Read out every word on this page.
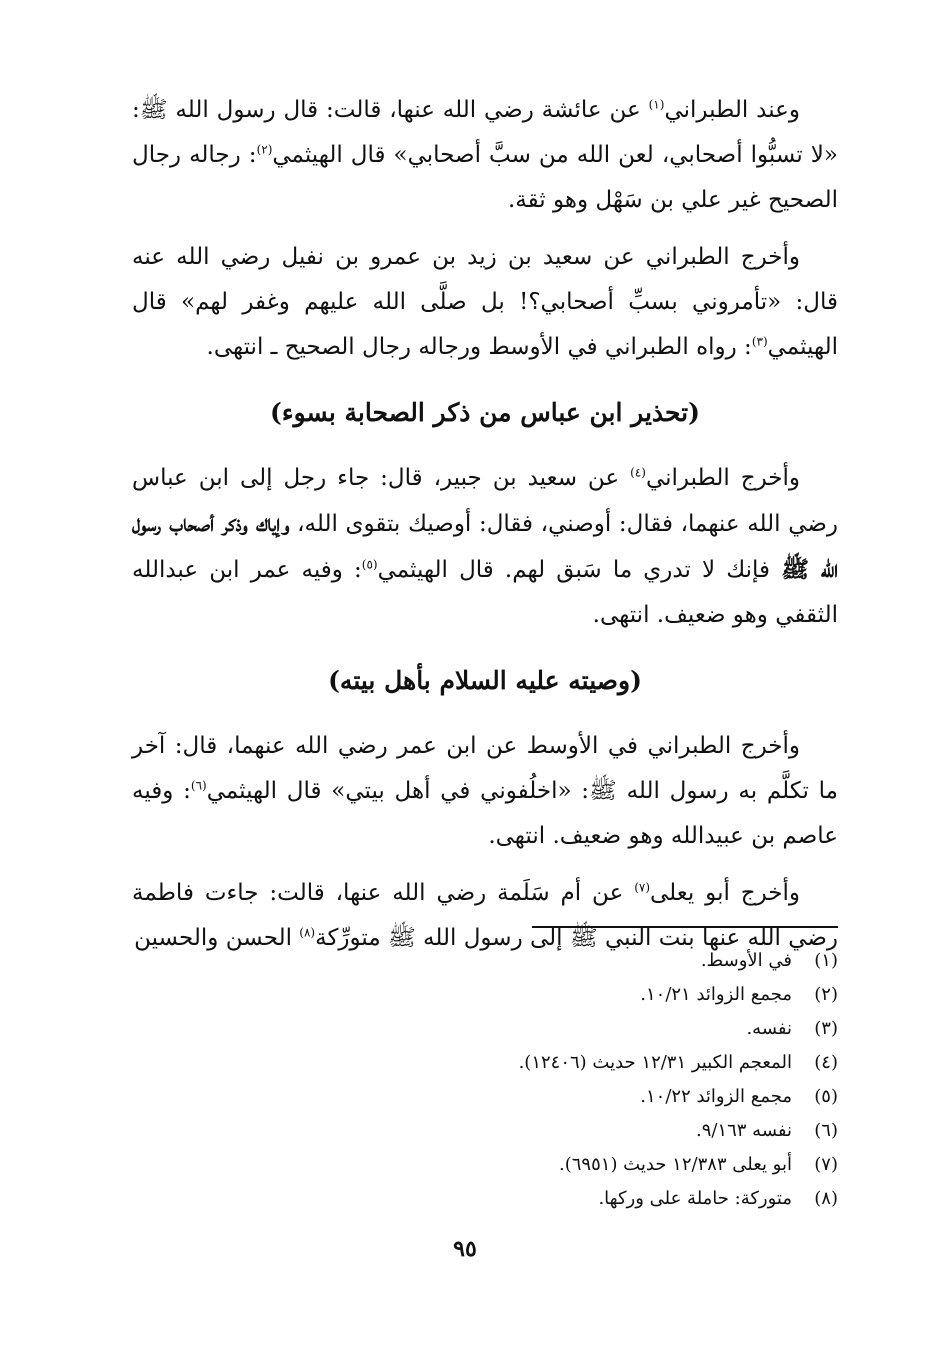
وعند الطبراني$^{(١)}$ عن عائشة رضي الله عنها، قالت: قال رسول الله ﷺ: «لا تسبُّوا أصحابي، لعن الله من سبَّ أصحابي» قال الهيثمي$^{(٢)}$: رجاله رجال الصحيح غير علي بن سَهْل وهو ثقة.

وأخرج الطبراني عن سعيد بن زيد بن عمرو بن نفيل رضي الله عنه قال: «تأمروني بسبِّ أصحابي؟! بل صلَّى الله عليهم وغفر لهم» قال الهيثمي$^{(٣)}$: رواه الطبراني في الأوسط ورجاله رجال الصحيح ـ انتهى.

(تحذير ابن عباس من ذكر الصحابة بسوء)

وأخرج الطبراني$^{(٤)}$ عن سعيد بن جبير، قال: جاء رجل إلى ابن عباس رضي الله عنهما، فقال: أوصني، فقال: أوصيك بتقوى الله، وإياك وذكر أصحاب رسول الله ﷺ فإنك لا تدري ما سَبق لهم. قال الهيثمي$^{(٥)}$: وفيه عمر ابن عبدالله الثقفي وهو ضعيف. انتهى.

(وصيته عليه السلام بأهل بيته)

وأخرج الطبراني في الأوسط عن ابن عمر رضي الله عنهما، قال: آخر ما تكلَّم به رسول الله ﷺ: «اخلُفوني في أهل بيتي» قال الهيثمي$^{(٦)}$: وفيه عاصم بن عبيدالله وهو ضعيف. انتهى.

وأخرج أبو يعلى$^{(٧)}$ عن أم سَلَمة رضي الله عنها، قالت: جاءت فاطمة رضي الله عنها بنت النبي ﷺ إلى رسول الله ﷺ متورِّكة$^{(٨)}$ الحسن والحسين

(١)
في الأوسط.
(٢)
مجمع الزوائد ١٠/٢١.
(٣)
نفسه.
(٤)
المعجم الكبير ١٢/٣١ حديث (١٢٤٠٦).
(٥)
مجمع الزوائد ١٠/٢٢.
(٦)
نفسه ٩/١٦٣.
(٧)
أبو يعلى ١٢/٣٨٣ حديث (٦٩٥١).
(٨)
متوركة: حاملة على وركها.
٩٥
